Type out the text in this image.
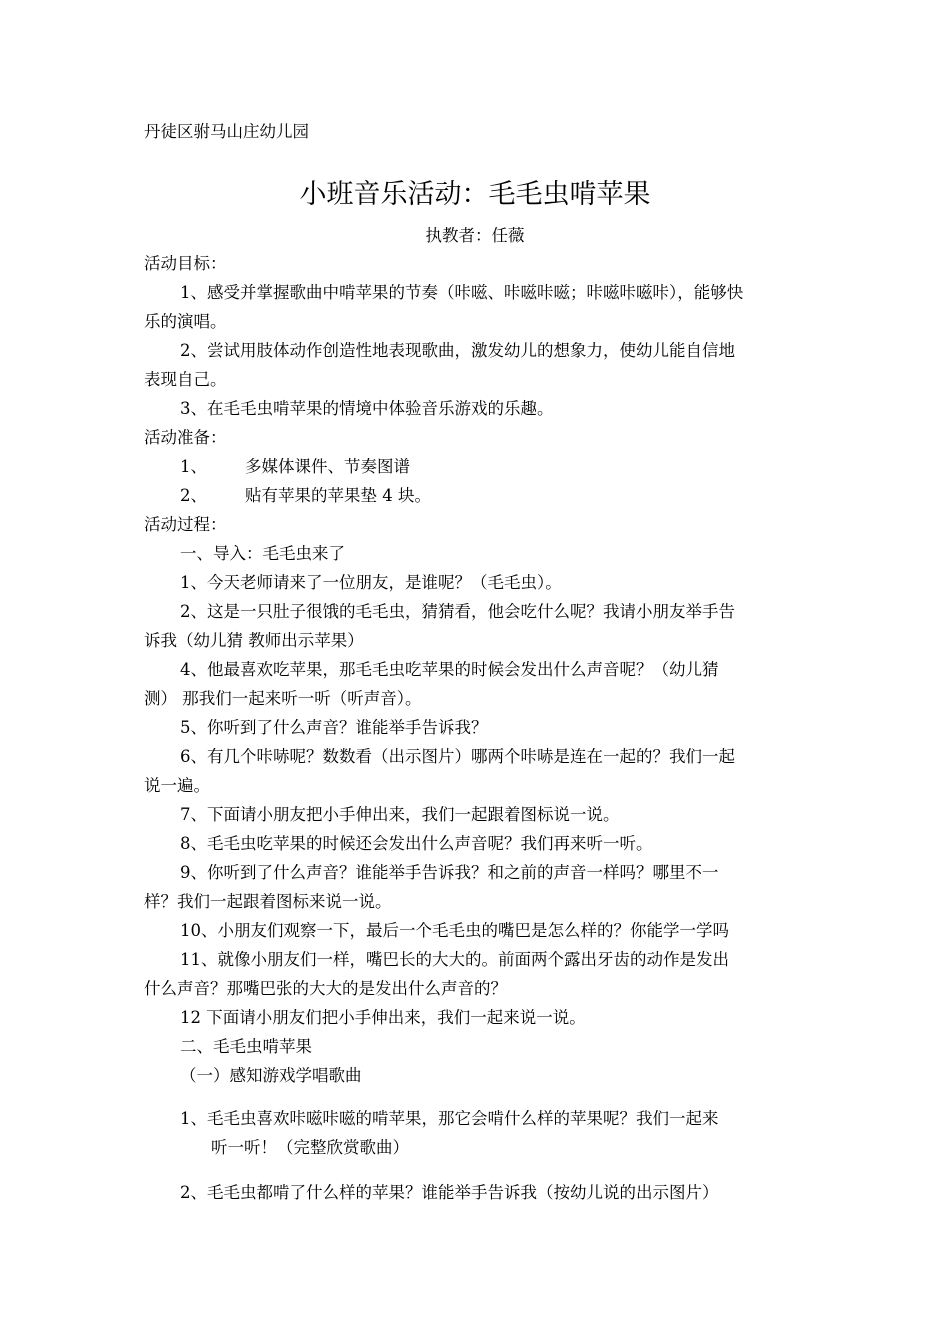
丹徒区驸马山庄幼儿园
小班音乐活动：毛毛虫啃苹果
执教者：任薇
活动目标：
1、感受并掌握歌曲中啃苹果的节奏（咔嗞、咔嗞咔嗞；咔嗞咔嗞咔），能够快
乐的演唱。
2、尝试用肢体动作创造性地表现歌曲，激发幼儿的想象力，使幼儿能自信地
表现自己。
3、在毛毛虫啃苹果的情境中体验音乐游戏的乐趣。
活动准备：
1、 多媒体课件、节奏图谱
2、 贴有苹果的苹果垫 4 块。
活动过程：
一、导入：毛毛虫来了
1、今天老师请来了一位朋友，是谁呢？（毛毛虫）。
2、这是一只肚子很饿的毛毛虫，猜猜看，他会吃什么呢？我请小朋友举手告
诉我（幼儿猜 教师出示苹果）
4、他最喜欢吃苹果，那毛毛虫吃苹果的时候会发出什么声音呢？（幼儿猜
测） 那我们一起来听一听（听声音）。
5、你听到了什么声音？谁能举手告诉我？
6、有几个咔哧呢？数数看（出示图片）哪两个咔哧是连在一起的？我们一起
说一遍。
7、下面请小朋友把小手伸出来，我们一起跟着图标说一说。
8、毛毛虫吃苹果的时候还会发出什么声音呢？我们再来听一听。
9、你听到了什么声音？谁能举手告诉我？和之前的声音一样吗？哪里不一
样？我们一起跟着图标来说一说。
10、小朋友们观察一下，最后一个毛毛虫的嘴巴是怎么样的？你能学一学吗
11、就像小朋友们一样，嘴巴长的大大的。前面两个露出牙齿的动作是发出
什么声音？那嘴巴张的大大的是发出什么声音的？
12 下面请小朋友们把小手伸出来，我们一起来说一说。
二、毛毛虫啃苹果
（一）感知游戏学唱歌曲
1、毛毛虫喜欢咔嗞咔嗞的啃苹果，那它会啃什么样的苹果呢？我们一起来
听一听！（完整欣赏歌曲）
2、毛毛虫都啃了什么样的苹果？谁能举手告诉我（按幼儿说的出示图片）
